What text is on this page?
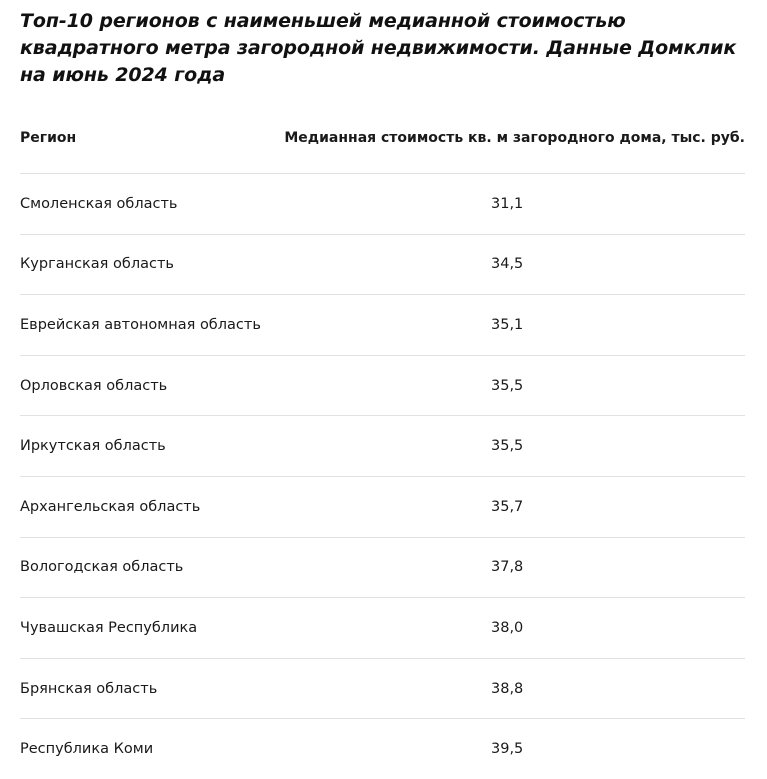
Топ-10 регионов с наименьшей медианной стоимостью
квадратного метра загородной недвижимости. Данные Домклик
на июнь 2024 года
Регион	Медианная стоимость кв. м загородного дома, тыс. руб.
Смоленская область	31,1
Курганская область	34,5
Еврейская автономная область	35,1
Орловская область	35,5
Иркутская область	35,5
Архангельская область	35,7
Вологодская область	37,8
Чувашская Республика	38,0
Брянская область	38,8
Республика Коми	39,5
